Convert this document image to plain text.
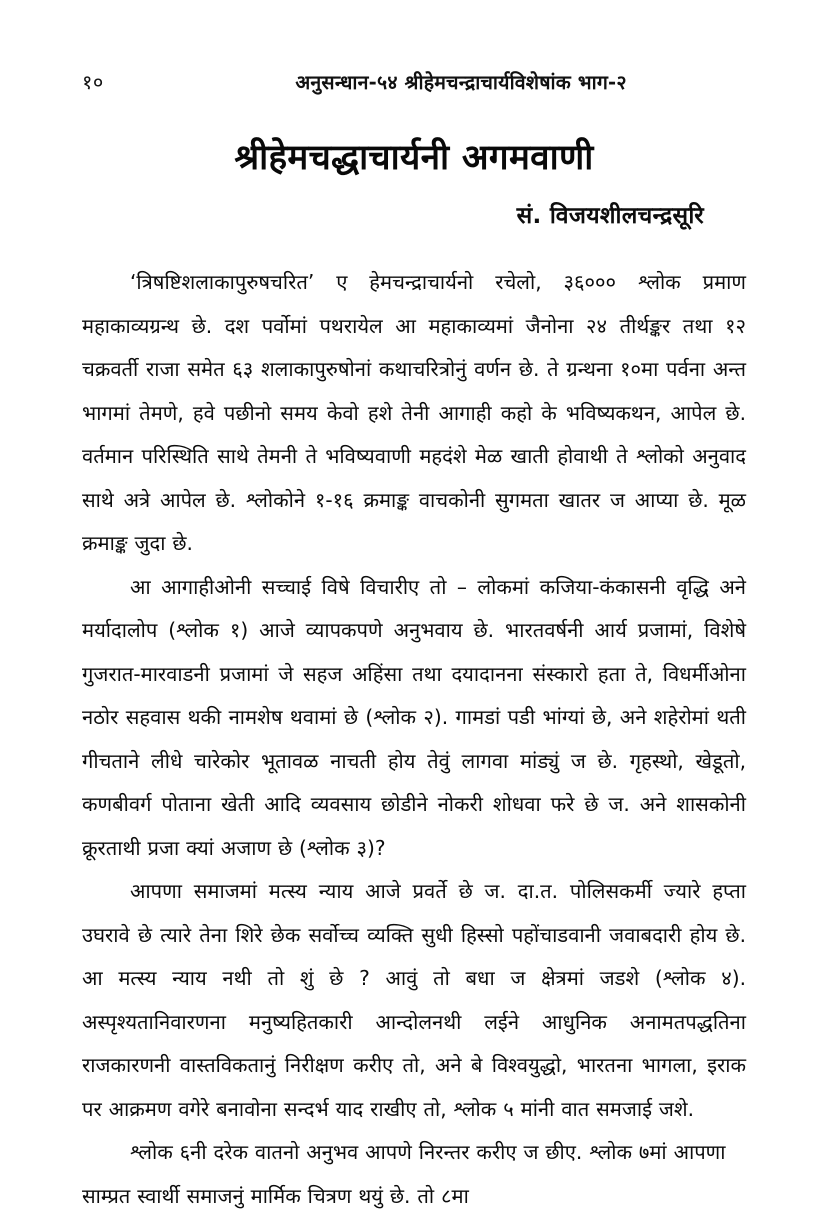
१०	अनुसन्धान-५४ श्रीहेमचन्द्राचार्यविशेषांक भाग-२
श्रीहेमचद्धाचार्यनी अगमवाणी
सं. विजयशीलचन्द्रसूरि

‘त्रिषष्टिशलाकापुरुषचरित’ ए हेमचन्द्राचार्यनो रचेलो, ३६००० श्लोक प्रमाण महाकाव्यग्रन्थ छे. दश पर्वोमां पथरायेल आ महाकाव्यमां जैनोना २४ तीर्थङ्कर तथा १२ चक्रवर्ती राजा समेत ६३ शलाकापुरुषोनां कथाचरित्रोनुं वर्णन छे. ते ग्रन्थना १०मा पर्वना अन्त भागमां तेमणे, हवे पछीनो समय केवो हशे तेनी आगाही कहो के भविष्यकथन, आपेल छे. वर्तमान परिस्थिति साथे तेमनी ते भविष्यवाणी महदंशे मेळ खाती होवाथी ते श्लोको अनुवाद साथे अत्रे आपेल छे. श्लोकोने १-१६ क्रमाङ्क वाचकोनी सुगमता खातर ज आप्या छे. मूळ क्रमाङ्क जुदा छे.

आ आगाहीओनी सच्चाई विषे विचारीए तो – लोकमां कजिया-कंकासनी वृद्धि अने मर्यादालोप (श्लोक १) आजे व्यापकपणे अनुभवाय छे. भारतवर्षनी आर्य प्रजामां, विशेषे गुजरात-मारवाडनी प्रजामां जे सहज अहिंसा तथा दयादानना संस्कारो हता ते, विधर्मीओना नठोर सहवास थकी नामशेष थवामां छे (श्लोक २). गामडां पडी भांग्यां छे, अने शहेरोमां थती गीचताने लीधे चारेकोर भूतावळ नाचती होय तेवुं लागवा मांड्युं ज छे. गृहस्थो, खेडूतो, कणबीवर्ग पोताना खेती आदि व्यवसाय छोडीने नोकरी शोधवा फरे छे ज. अने शासकोनी क्रूरताथी प्रजा क्यां अजाण छे (श्लोक ३)?

आपणा समाजमां मत्स्य न्याय आजे प्रवर्ते छे ज. दा.त. पोलिसकर्मी ज्यारे हप्ता उघरावे छे त्यारे तेना शिरे छेक सर्वोच्च व्यक्ति सुधी हिस्सो पहोंचाडवानी जवाबदारी होय छे. आ मत्स्य न्याय नथी तो शुं छे ? आवुं तो बधा ज क्षेत्रमां जडशे (श्लोक ४). अस्पृश्यतानिवारणना मनुष्यहितकारी आन्दोलनथी लईने आधुनिक अनामतपद्धतिना राजकारणनी वास्तविकतानुं निरीक्षण करीए तो, अने बे विश्वयुद्धो, भारतना भागला, इराक पर आक्रमण वगेरे बनावोना सन्दर्भ याद राखीए तो, श्लोक ५ मांनी वात समजाई जशे.

श्लोक ६नी दरेक वातनो अनुभव आपणे निरन्तर करीए ज छीए. श्लोक ७मां आपणा साम्प्रत स्वार्थी समाजनुं मार्मिक चित्रण थयुं छे. तो ८मा
